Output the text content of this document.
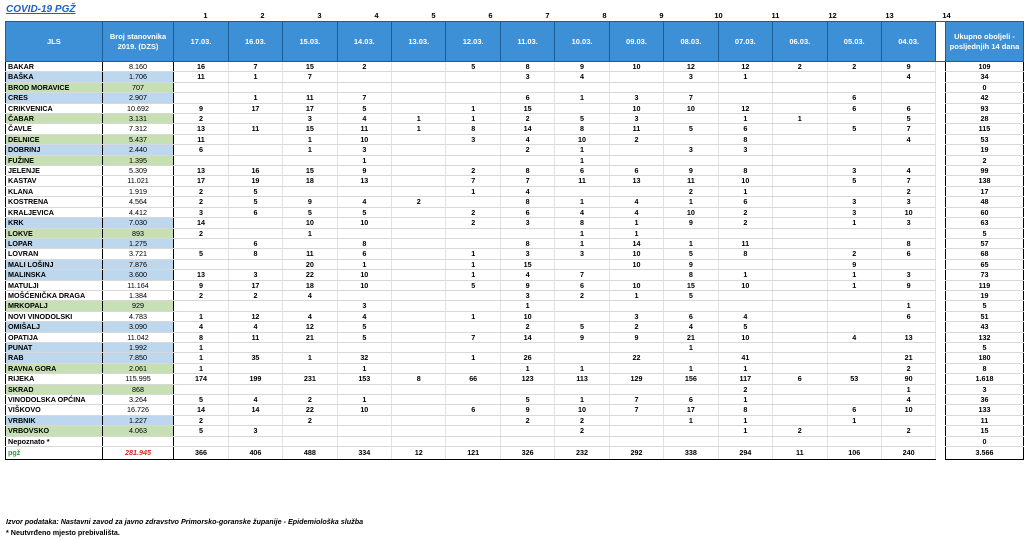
COVID-19 PGŽ
1	2	3	4	5	6	7	8	9	10	11	12	13	14
JLS	Broj stanovnika 2019. (DZS)	17.03.	16.03.	15.03.	14.03.	13.03.	12.03.	11.03.	10.03.	09.03.	08.03.	07.03.	06.03.	05.03.	04.03.		Ukupno oboljeli - posljednjih 14 dana
BAKAR	8.160	16	7	15	2		5	8	9	10	12	12	2	2	9		109
BAŠKA	1.706	11	1	7				3	4		3	1			4		34
BROD MORAVICE	707																0
CRES	2.907		1	11	7			6	1	3	7			6			42
CRIKVENICA	10.692	9	17	17	5		1	15		10	10	12		6	6		93
ČABAR	3.131	2		3	4	1	1	2	5	3		1	1		5		28
ČAVLE	7.312	13	11	15	11	1	8	14	8	11	5	6		5	7		115
DELNICE	5.437	11		1	10		3	4	10	2		8			4		53
DOBRINJ	2.440	6		1	3			2	1		3	3					19
FUŽINE	1.395				1				1								2
JELENJE	5.309	13	16	15	9		2	8	6	6	9	8		3	4		99
KASTAV	11.021	17	19	18	13		7	7	11	13	11	10		5	7		138
KLANA	1.919	2	5				1	4			2	1			2		17
KOSTRENA	4.564	2	5	9	4	2		8	1	4	1	6		3	3		48
KRALJEVICA	4.412	3	6	5	5		2	6	4	4	10	2		3	10		60
KRK	7.030	14		10	10		2	3	8	1	9	2		1	3		63
LOKVE	893	2		1					1	1							5
LOPAR	1.275		6		8			8	1	14	1	11			8		57
LOVRAN	3.721	5	8	11	6		1	3	3	10	5	8		2	6		68
MALI LOŠINJ	7.876			20	1		1	15		10	9			9			65
MALINSKA	3.600	13	3	22	10		1	4	7		8	1		1	3		73
MATULJI	11.164	9	17	18	10		5	9	6	10	15	10		1	9		119
MOŠĆENIČKA DRAGA	1.384	2	2	4				3	2	1	5						19
MRKOPALJ	929				3			1							1		5
NOVI VINODOLSKI	4.783	1	12	4	4		1	10		3	6	4			6		51
OMIŠALJ	3.090	4	4	12	5			2	5	2	4	5					43
OPATIJA	11.042	8	11	21	5		7	14	9	9	21	10		4	13		132
PUNAT	1.992	1									1						5
RAB	7.850	1	35	1	32		1	26		22		41			21		180
RAVNA GORA	2.061	1			1			1	1		1	1			2		8
RIJEKA	115.995	174	199	231	153	8	66	123	113	129	156	117	6	53	90		1.618
SKRAD	868											2			1		3
VINODOLSKA OPĆINA	3.264	5	4	2	1			5	1	7	6	1			4		36
VIŠKOVO	16.726	14	14	22	10		6	9	10	7	17	8		6	10		133
VRBNIK	1.227	2		2				2	2		1	1		1			11
VRBOVSKO	4.063	5	3						2			1	2		2		15
Nepoznato *																	0
pgž	281.945	366	406	488	334	12	121	326	232	292	338	294	11	106	240		3.566
Izvor podataka: Nastavni zavod za javno zdravstvo Primorsko-goranske županije - Epidemiološka služba
* Neutvrđeno mjesto prebivališta.
